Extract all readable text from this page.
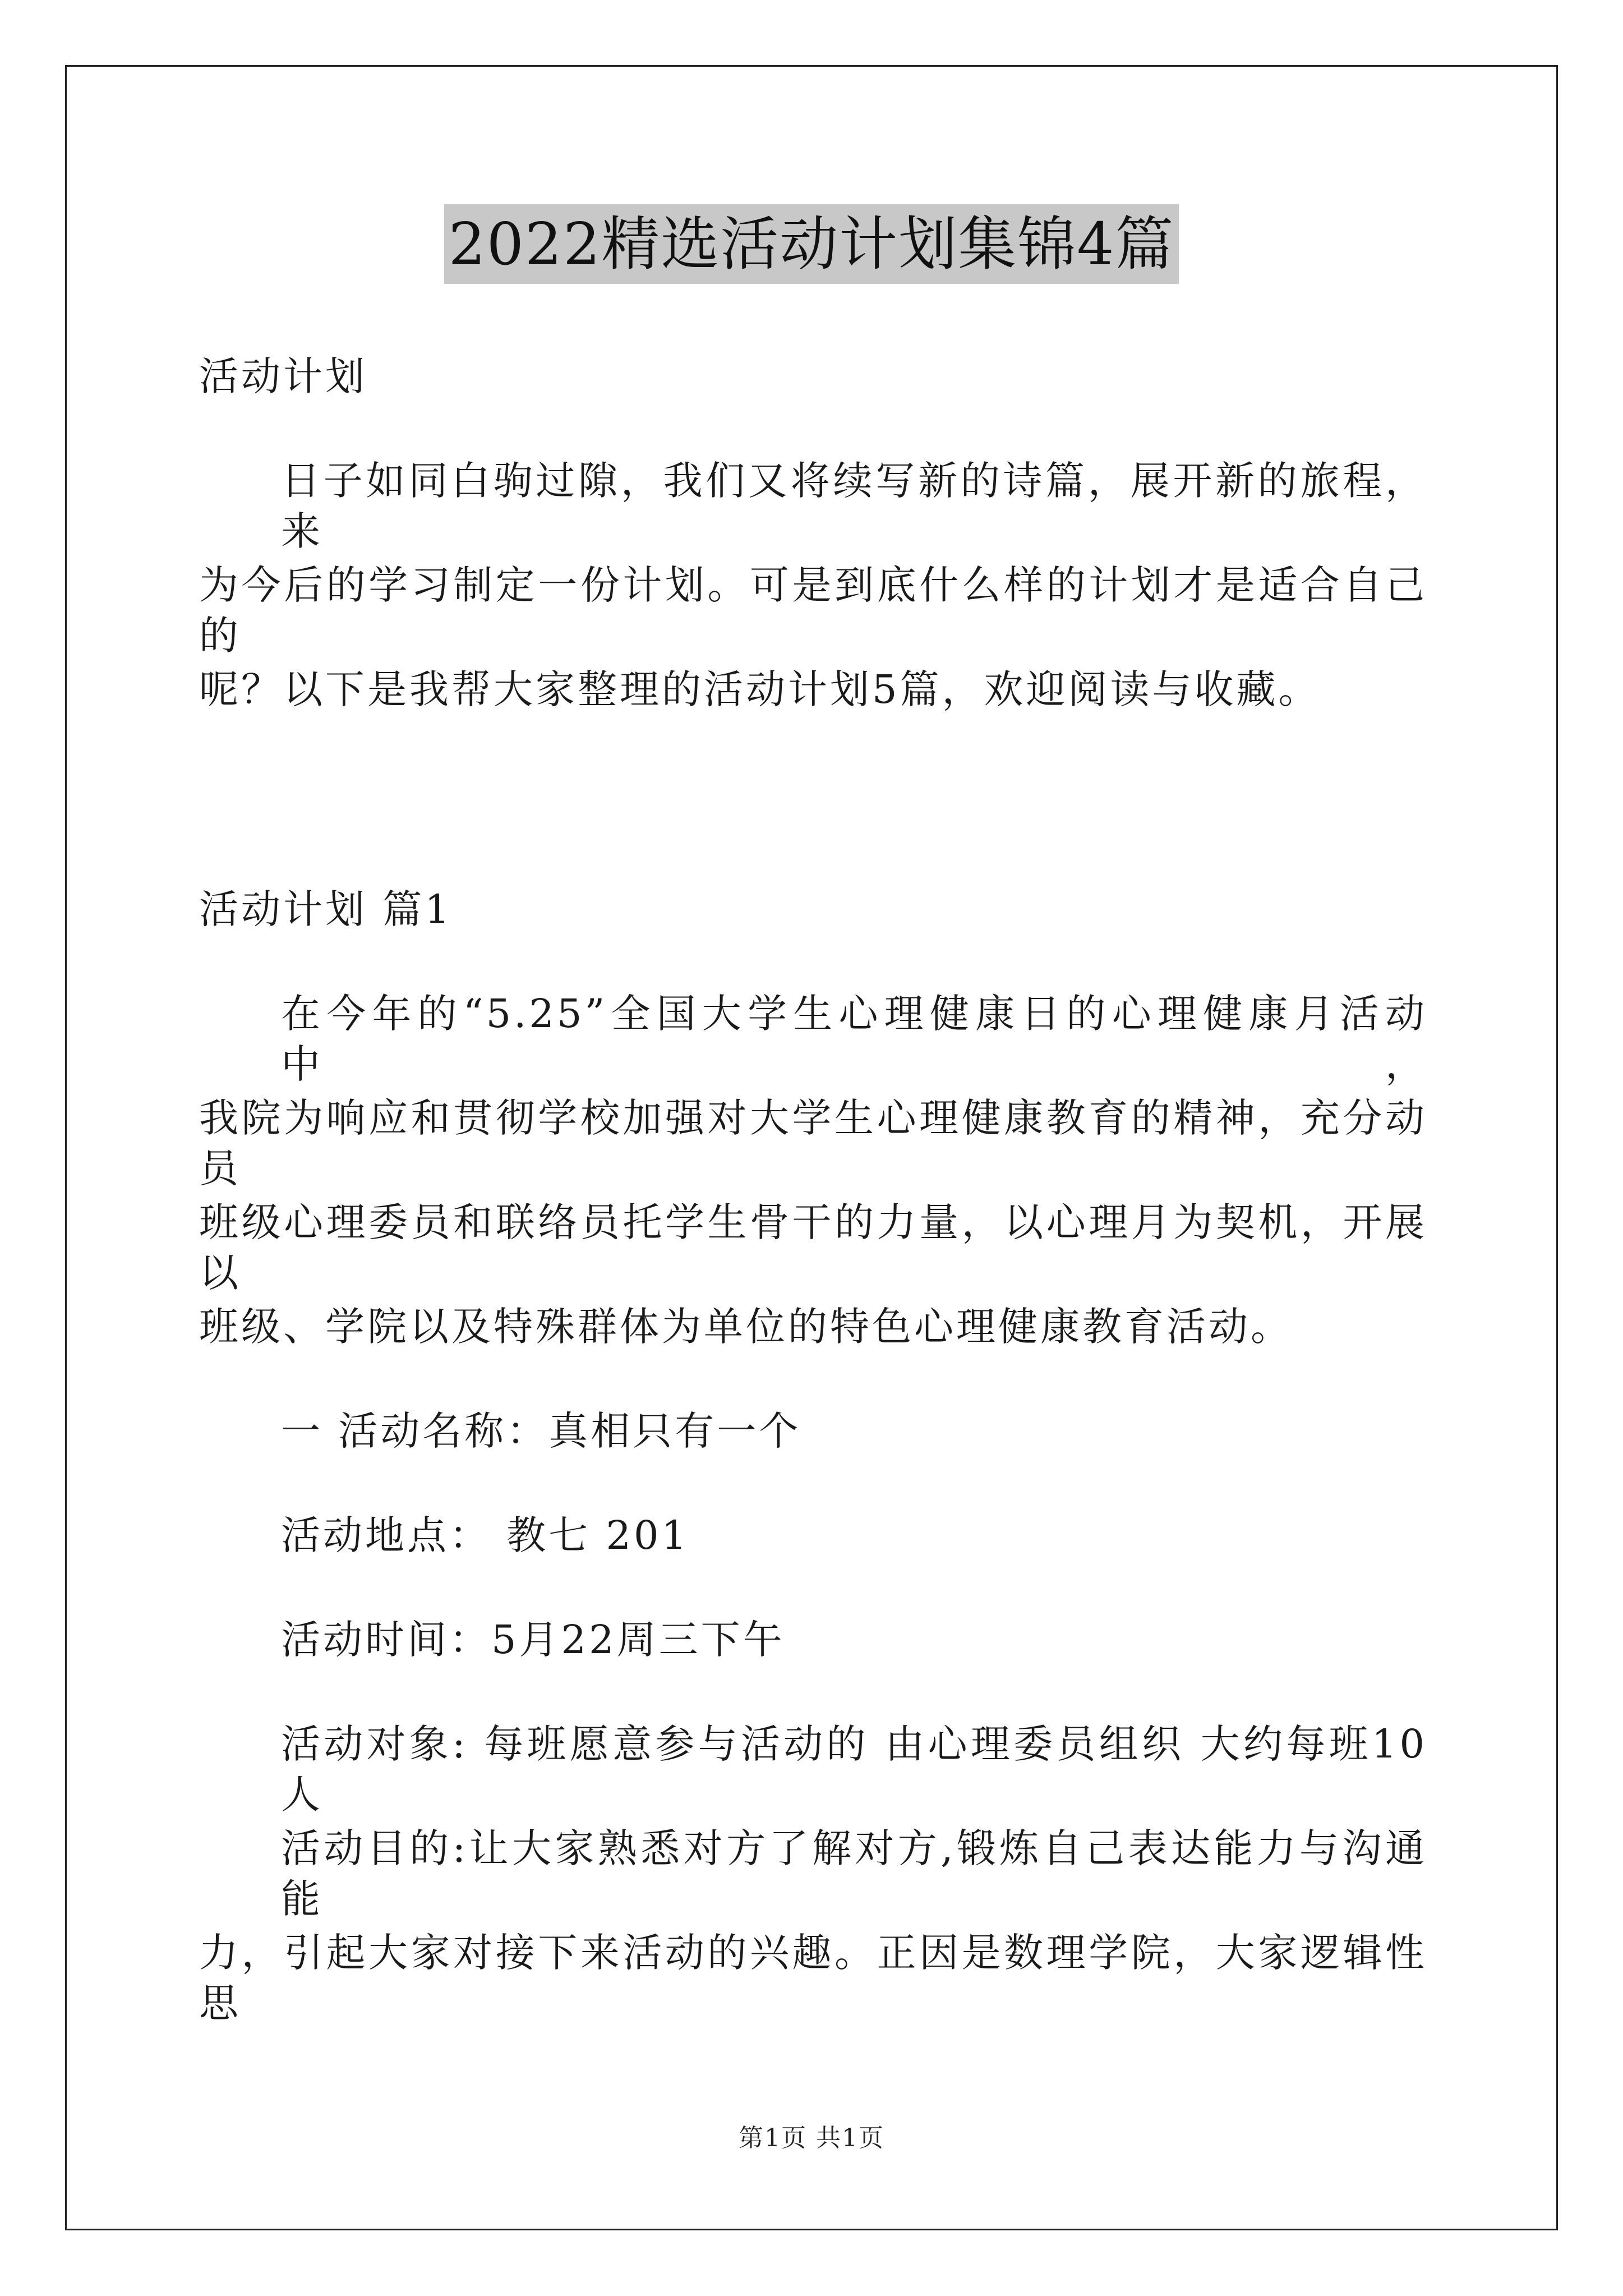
2022精选活动计划集锦4篇
活动计划
日子如同白驹过隙，我们又将续写新的诗篇，展开新的旅程，来
为今后的学习制定一份计划。可是到底什么样的计划才是适合自己的
呢？以下是我帮大家整理的活动计划5篇，欢迎阅读与收藏。
活动计划 篇1
在今年的“5.25”全国大学生心理健康日的心理健康月活动中，
我院为响应和贯彻学校加强对大学生心理健康教育的精神，充分动员
班级心理委员和联络员托学生骨干的力量，以心理月为契机，开展以
班级、学院以及特殊群体为单位的特色心理健康教育活动。
一 活动名称：真相只有一个
活动地点： 教七 201
活动时间：5月22周三下午
活动对象: 每班愿意参与活动的 由心理委员组织 大约每班10人
活动目的:让大家熟悉对方了解对方,锻炼自己表达能力与沟通能
力，引起大家对接下来活动的兴趣。正因是数理学院，大家逻辑性思
第1页 共1页
